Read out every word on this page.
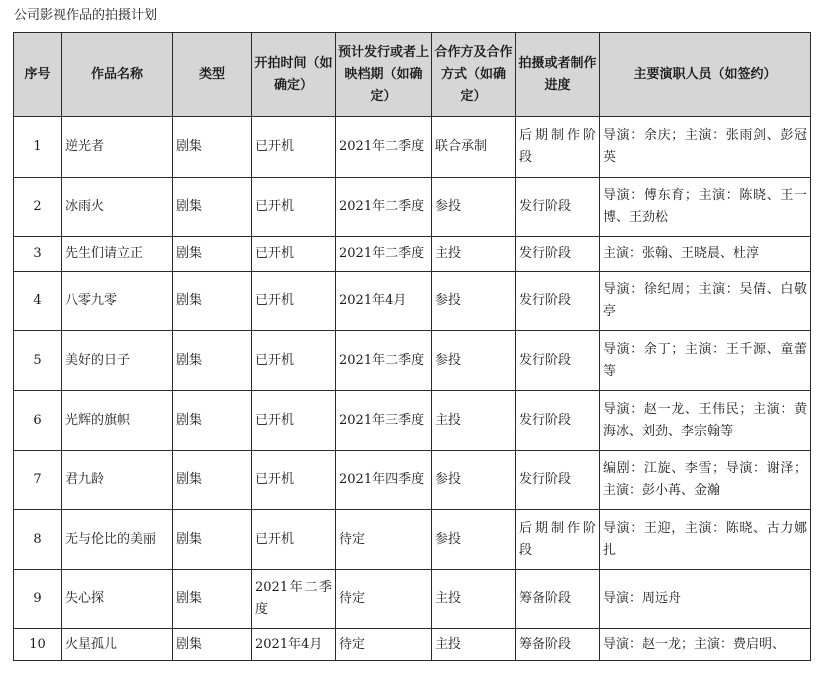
公司影视作品的拍摄计划
序号	作品名称	类型	开拍时间（如确定）	预计发行或者上映档期（如确定）	合作方及合作方式（如确定）	拍摄或者制作进度	主要演职人员（如签约）
1	逆光者	剧集	已开机	2021年二季度	联合承制	后期制作阶段	导演：余庆；主演：张雨剑、彭冠英
2	冰雨火	剧集	已开机	2021年二季度	参投	发行阶段	导演：傅东育；主演：陈晓、王一博、王劲松
3	先生们请立正	剧集	已开机	2021年二季度	主投	发行阶段	主演：张翰、王晓晨、杜淳
4	八零九零	剧集	已开机	2021年4月	参投	发行阶段	导演：徐纪周；主演：吴倩、白敬亭
5	美好的日子	剧集	已开机	2021年二季度	参投	发行阶段	导演：余丁；主演：王千源、童蕾等
6	光辉的旗帜	剧集	已开机	2021年三季度	主投	发行阶段	导演：赵一龙、王伟民；主演：黄海冰、刘劲、李宗翰等
7	君九龄	剧集	已开机	2021年四季度	参投	发行阶段	编剧：江旋、李雪；导演：谢泽；主演：彭小苒、金瀚
8	无与伦比的美丽	剧集	已开机	待定	参投	后期制作阶段	导演：王迎，主演：陈晓、古力娜扎
9	失心探	剧集	2021年二季度	待定	主投	筹备阶段	导演：周远舟
10	火星孤儿	剧集	2021年4月	待定	主投	筹备阶段	导演：赵一龙；主演：费启明、
